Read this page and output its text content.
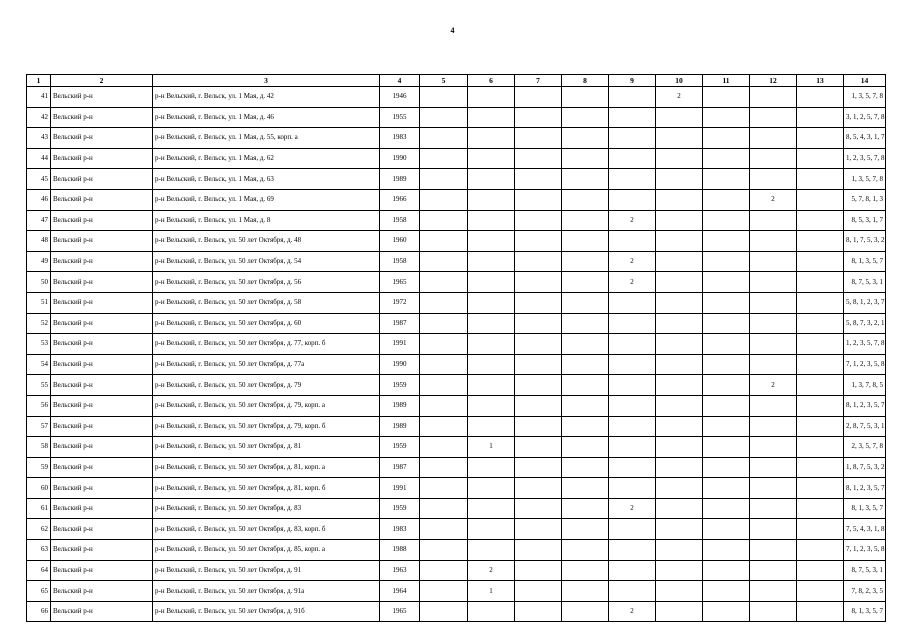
4
1	2	3	4	5	6	7	8	9	10	11	12	13	14
41	Вельский р-н	р-н Вельский, г. Вельск, ул. 1 Мая, д. 42	1946						2				1, 3, 5, 7, 8
42	Вельский р-н	р-н Вельский, г. Вельск, ул. 1 Мая, д. 46	1955										3, 1, 2, 5, 7, 8
43	Вельский р-н	р-н Вельский, г. Вельск, ул. 1 Мая, д. 55, корп. а	1983										8, 5, 4, 3, 1, 7
44	Вельский р-н	р-н Вельский, г. Вельск, ул. 1 Мая, д. 62	1990										1, 2, 3, 5, 7, 8
45	Вельский р-н	р-н Вельский, г. Вельск, ул. 1 Мая, д. 63	1989										1, 3, 5, 7, 8
46	Вельский р-н	р-н Вельский, г. Вельск, ул. 1 Мая, д. 69	1966								2		5, 7, 8, 1, 3
47	Вельский р-н	р-н Вельский, г. Вельск, ул. 1 Мая, д. 8	1958					2					8, 5, 3, 1, 7
48	Вельский р-н	р-н Вельский, г. Вельск, ул. 50 лет Октября, д. 48	1960										8, 1, 7, 5, 3, 2
49	Вельский р-н	р-н Вельский, г. Вельск, ул. 50 лет Октября, д. 54	1958					2					8, 1, 3, 5, 7
50	Вельский р-н	р-н Вельский, г. Вельск, ул. 50 лет Октября, д. 56	1965					2					8, 7, 5, 3, 1
51	Вельский р-н	р-н Вельский, г. Вельск, ул. 50 лет Октября, д. 58	1972										5, 8, 1, 2, 3, 7
52	Вельский р-н	р-н Вельский, г. Вельск, ул. 50 лет Октября, д. 60	1987										5, 8, 7, 3, 2, 1
53	Вельский р-н	р-н Вельский, г. Вельск, ул. 50 лет Октября, д. 77, корп. б	1991										1, 2, 3, 5, 7, 8
54	Вельский р-н	р-н Вельский, г. Вельск, ул. 50 лет Октября, д. 77а	1990										7, 1, 2, 3, 5, 8
55	Вельский р-н	р-н Вельский, г. Вельск, ул. 50 лет Октября, д. 79	1959								2		1, 3, 7, 8, 5
56	Вельский р-н	р-н Вельский, г. Вельск, ул. 50 лет Октября, д. 79, корп. а	1989										8, 1, 2, 3, 5, 7
57	Вельский р-н	р-н Вельский, г. Вельск, ул. 50 лет Октября, д. 79, корп. б	1989										2, 8, 7, 5, 3, 1
58	Вельский р-н	р-н Вельский, г. Вельск, ул. 50 лет Октября, д. 81	1959		1								2, 3, 5, 7, 8
59	Вельский р-н	р-н Вельский, г. Вельск, ул. 50 лет Октября, д. 81, корп. а	1987										1, 8, 7, 5, 3, 2
60	Вельский р-н	р-н Вельский, г. Вельск, ул. 50 лет Октября, д. 81, корп. б	1991										8, 1, 2, 3, 5, 7
61	Вельский р-н	р-н Вельский, г. Вельск, ул. 50 лет Октября, д. 83	1959					2					8, 1, 3, 5, 7
62	Вельский р-н	р-н Вельский, г. Вельск, ул. 50 лет Октября, д. 83, корп. б	1983										7, 5, 4, 3, 1, 8
63	Вельский р-н	р-н Вельский, г. Вельск, ул. 50 лет Октября, д. 85, корп. а	1988										7, 1, 2, 3, 5, 8
64	Вельский р-н	р-н Вельский, г. Вельск, ул. 50 лет Октября, д. 91	1963		2								8, 7, 5, 3, 1
65	Вельский р-н	р-н Вельский, г. Вельск, ул. 50 лет Октября, д. 91а	1964		1								7, 8, 2, 3, 5
66	Вельский р-н	р-н Вельский, г. Вельск, ул. 50 лет Октября, д. 91б	1965					2					8, 1, 3, 5, 7
